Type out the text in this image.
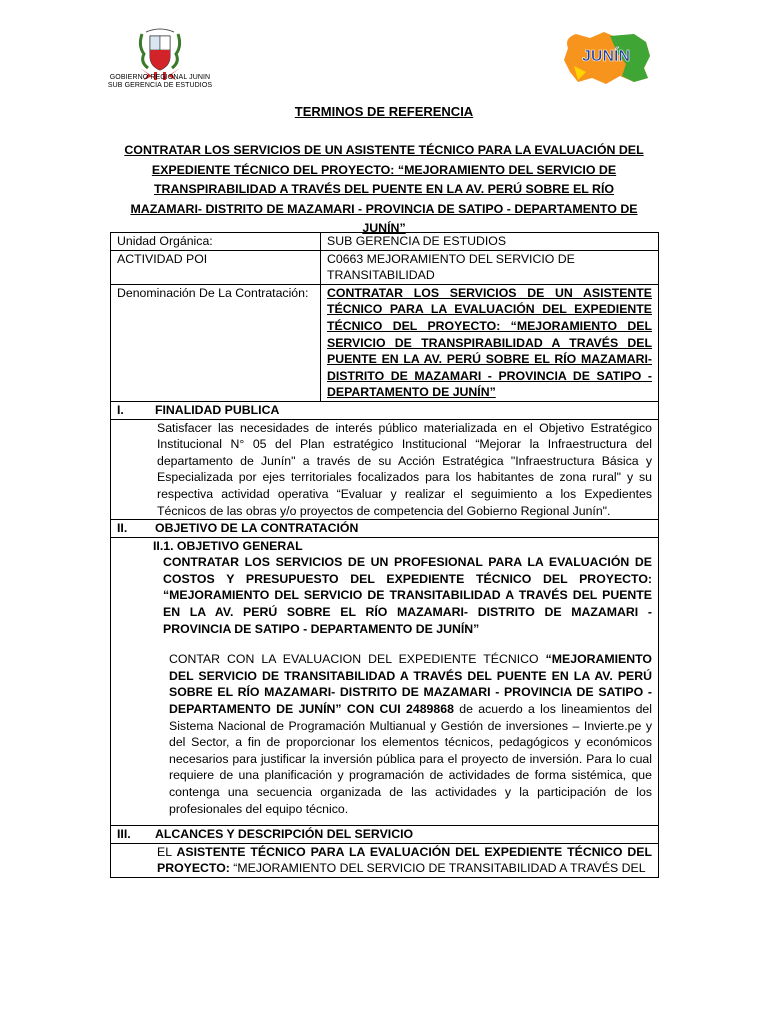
GOBIERNO REGIONAL JUNIN
SUB GERENCIA DE ESTUDIOS
JUNÍN
TERMINOS DE REFERENCIA
CONTRATAR LOS SERVICIOS DE UN ASISTENTE TÉCNICO PARA LA EVALUACIÓN DEL EXPEDIENTE TÉCNICO DEL PROYECTO: “MEJORAMIENTO DEL SERVICIO DE TRANSPIRABILIDAD A TRAVÉS DEL PUENTE EN LA AV. PERÚ SOBRE EL RÍO MAZAMARI- DISTRITO DE MAZAMARI - PROVINCIA DE SATIPO - DEPARTAMENTO DE JUNÍN”
Unidad Orgánica:	SUB GERENCIA DE ESTUDIOS
ACTIVIDAD POI	C0663 MEJORAMIENTO DEL SERVICIO DE TRANSITABILIDAD
Denominación De La Contratación:	CONTRATAR LOS SERVICIOS DE UN ASISTENTE TÉCNICO PARA LA EVALUACIÓN DEL EXPEDIENTE TÉCNICO DEL PROYECTO: “MEJORAMIENTO DEL SERVICIO DE TRANSPIRABILIDAD A TRAVÉS DEL PUENTE EN LA AV. PERÚ SOBRE EL RÍO MAZAMARI- DISTRITO DE MAZAMARI - PROVINCIA DE SATIPO - DEPARTAMENTO DE JUNÍN”

I. FINALIDAD PUBLICA	

Satisfacer las necesidades de interés público materializada en el Objetivo Estratégico Institucional N° 05 del Plan estratégico Institucional “Mejorar la Infraestructura del departamento de Junín" a través de su Acción Estratégica "Infraestructura Básica y Especializada por ejes territoriales focalizados para los habitantes de zona rural" y su respectiva actividad operativa “Evaluar y realizar el seguimiento a los Expedientes Técnicos de las obras y/o proyectos de competencia del Gobierno Regional Junín".	

II. OBJETIVO DE LA CONTRATACIÓN	

II.1. OBJETIVO GENERAL
CONTRATAR LOS SERVICIOS DE UN PROFESIONAL PARA LA EVALUACIÓN DE COSTOS Y PRESUPUESTO DEL EXPEDIENTE TÉCNICO DEL PROYECTO: “MEJORAMIENTO DEL SERVICIO DE TRANSITABILIDAD A TRAVÉS DEL PUENTE EN LA AV. PERÚ SOBRE EL RÍO MAZAMARI- DISTRITO DE MAZAMARI - PROVINCIA DE SATIPO - DEPARTAMENTO DE JUNÍN”
CONTAR CON LA EVALUACION DEL EXPEDIENTE TÉCNICO “MEJORAMIENTO DEL SERVICIO DE TRANSITABILIDAD A TRAVÉS DEL PUENTE EN LA AV. PERÚ SOBRE EL RÍO MAZAMARI- DISTRITO DE MAZAMARI - PROVINCIA DE SATIPO - DEPARTAMENTO DE JUNÍN” CON CUI 2489868 de acuerdo a los lineamientos del Sistema Nacional de Programación Multianual y Gestión de inversiones – Invierte.pe y del Sector, a fin de proporcionar los elementos técnicos, pedagógicos y económicos necesarios para justificar la inversión pública para el proyecto de inversión. Para lo cual requiere de una planificación y programación de actividades de forma sistémica, que contenga una secuencia organizada de las actividades y la participación de los profesionales del equipo técnico.	

III. ALCANCES Y DESCRIPCIÓN DEL SERVICIO	

EL ASISTENTE TÉCNICO PARA LA EVALUACIÓN DEL EXPEDIENTE TÉCNICO DEL PROYECTO: “MEJORAMIENTO DEL SERVICIO DE TRANSITABILIDAD A TRAVÉS DEL	
